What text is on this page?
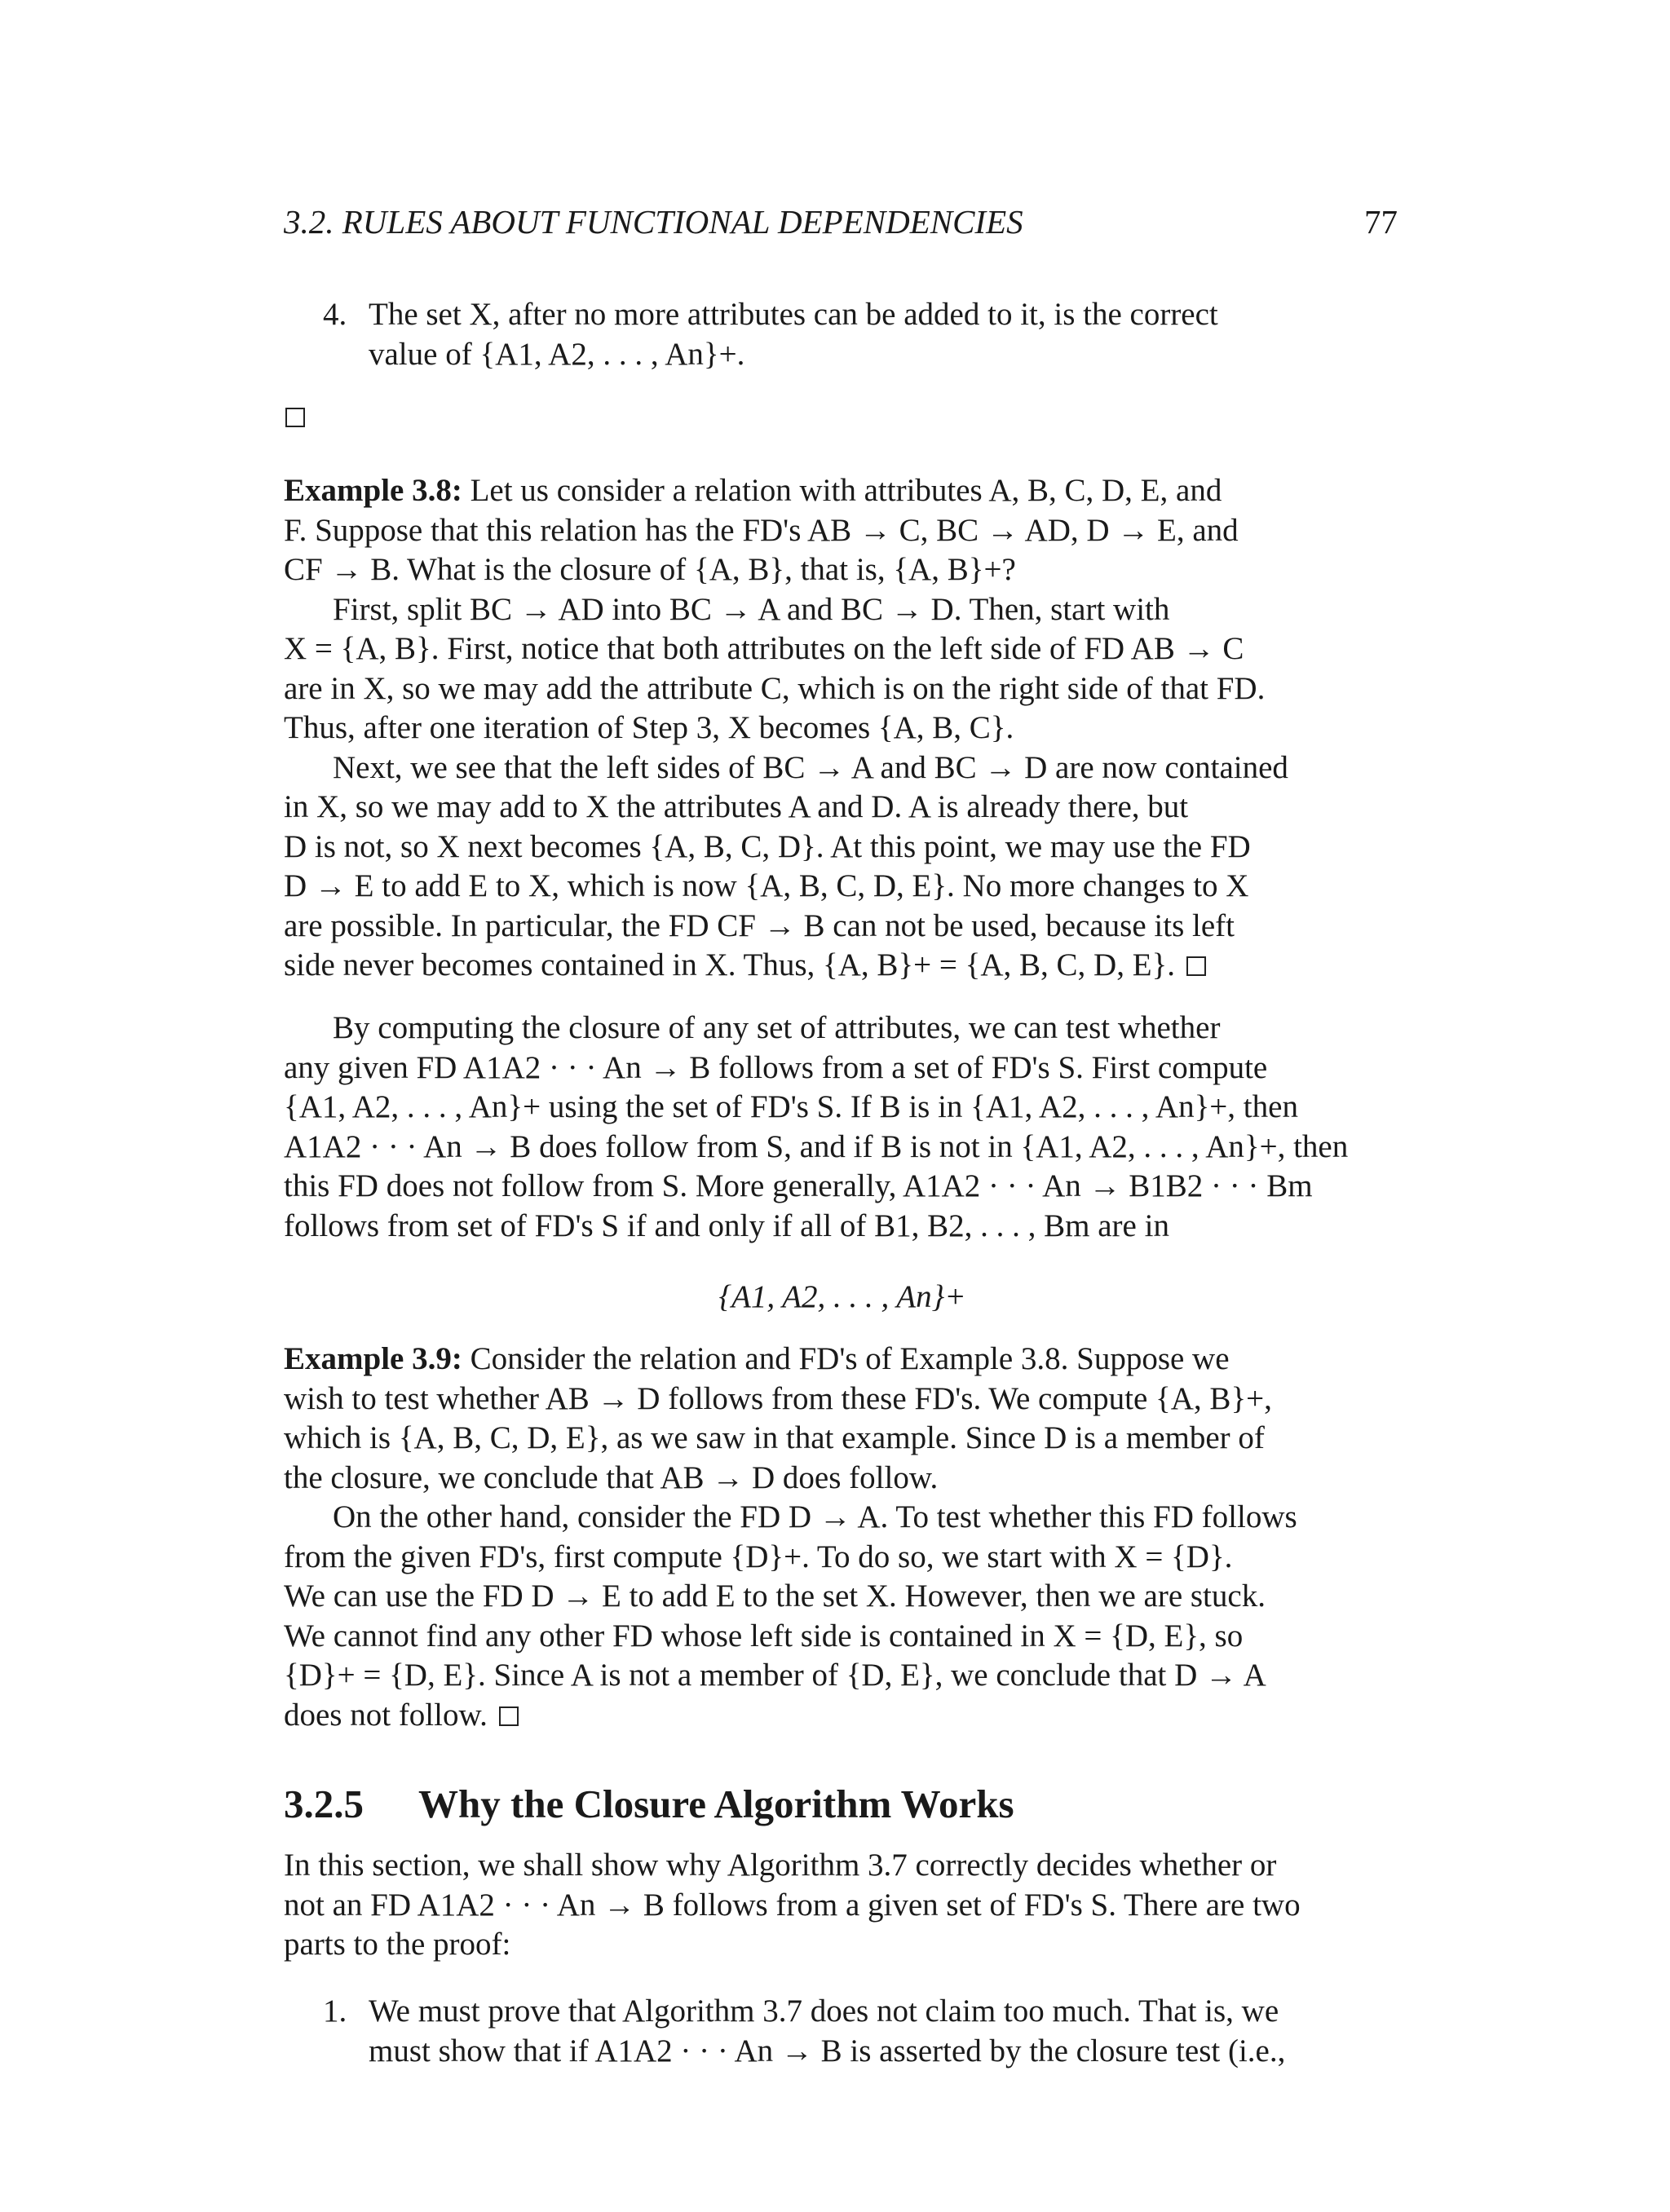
3.2. RULES ABOUT FUNCTIONAL DEPENDENCIES	77
4. The set X, after no more attributes can be added to it, is the correct
value of {A1, A2, . . . , An}+.
Example 3.8: Let us consider a relation with attributes A, B, C, D, E, and
F. Suppose that this relation has the FD's AB → C, BC → AD, D → E, and
CF → B. What is the closure of {A, B}, that is, {A, B}+?
First, split BC → AD into BC → A and BC → D. Then, start with
X = {A, B}. First, notice that both attributes on the left side of FD AB → C
are in X, so we may add the attribute C, which is on the right side of that FD.
Thus, after one iteration of Step 3, X becomes {A, B, C}.
Next, we see that the left sides of BC → A and BC → D are now contained
in X, so we may add to X the attributes A and D. A is already there, but
D is not, so X next becomes {A, B, C, D}. At this point, we may use the FD
D → E to add E to X, which is now {A, B, C, D, E}. No more changes to X
are possible. In particular, the FD CF → B can not be used, because its left
side never becomes contained in X. Thus, {A, B}+ = {A, B, C, D, E}.
By computing the closure of any set of attributes, we can test whether
any given FD A1A2 · · · An → B follows from a set of FD's S. First compute
{A1, A2, . . . , An}+ using the set of FD's S. If B is in {A1, A2, . . . , An}+, then
A1A2 · · · An → B does follow from S, and if B is not in {A1, A2, . . . , An}+, then
this FD does not follow from S. More generally, A1A2 · · · An → B1B2 · · · Bm
follows from set of FD's S if and only if all of B1, B2, . . . , Bm are in
{A1, A2, . . . , An}+
Example 3.9: Consider the relation and FD's of Example 3.8. Suppose we
wish to test whether AB → D follows from these FD's. We compute {A, B}+,
which is {A, B, C, D, E}, as we saw in that example. Since D is a member of
the closure, we conclude that AB → D does follow.
On the other hand, consider the FD D → A. To test whether this FD follows
from the given FD's, first compute {D}+. To do so, we start with X = {D}.
We can use the FD D → E to add E to the set X. However, then we are stuck.
We cannot find any other FD whose left side is contained in X = {D, E}, so
{D}+ = {D, E}. Since A is not a member of {D, E}, we conclude that D → A
does not follow.
3.2.5 Why the Closure Algorithm Works
In this section, we shall show why Algorithm 3.7 correctly decides whether or
not an FD A1A2 · · · An → B follows from a given set of FD's S. There are two
parts to the proof:
1. We must prove that Algorithm 3.7 does not claim too much. That is, we
must show that if A1A2 · · · An → B is asserted by the closure test (i.e.,
